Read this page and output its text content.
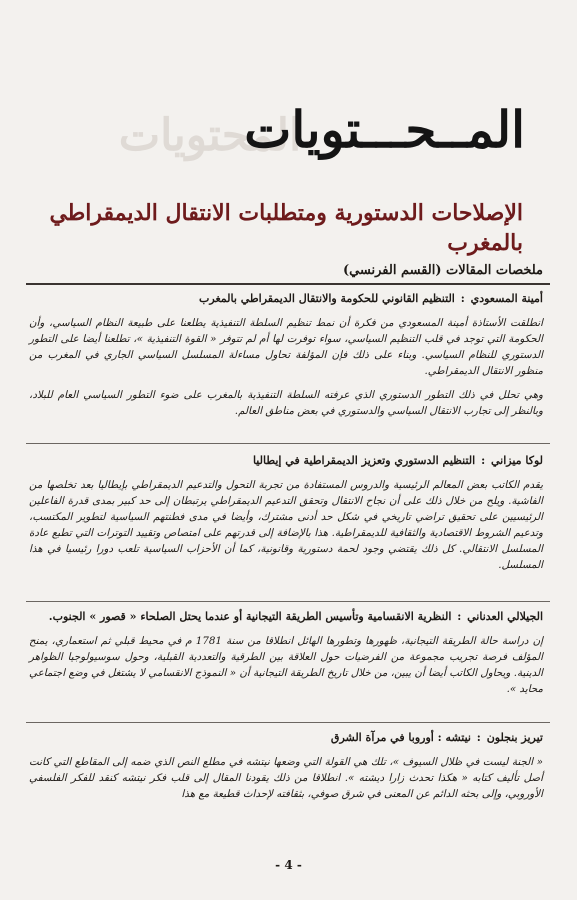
المحتويات
المــحـــتويات
الإصلاحات الدستورية ومتطلبات الانتقال الديمقراطي بالمغرب
ملخصات المقالات (القسم الفرنسي)
أمينة المسعودي : التنظيم القانوني للحكومة والانتقال الديمقراطي بالمغرب

انطلقت الأستاذة أمينة المسعودي من فكرة أن نمط تنظيم السلطة التنفيذية يطلعنا على طبيعة النظام السياسي، وأن الحكومة التي توجد في قلب التنظيم السياسي، سواء توفرت لها أم لم تتوفر « القوة التنفيذية »، تطلعنا أيضا على التطور الدستوري للنظام السياسي. وبناء على ذلك فإن المؤلفة تحاول مساءلة المسلسل السياسي الجاري في المغرب من منظور الانتقال الديمقراطي.

وهي تحلل في ذلك التطور الدستوري الذي عرفته السلطة التنفيذية بالمغرب على ضوء التطور السياسي العام للبلاد، وبالنظر إلى تجارب الانتقال السياسي والدستوري في بعض مناطق العالم.

لوكا ميزاني : التنظيم الدستوري وتعزيز الديمقراطية في إيطاليا

يقدم الكاتب بعض المعالم الرئيسية والدروس المستفادة من تجربة التحول والتدعيم الديمقراطي بإيطاليا بعد تخلصها من الفاشية. ويلح من خلال ذلك على أن نجاح الانتقال وتحقق التدعيم الديمقراطي يرتبطان إلى حد كبير بمدى قدرة الفاعلين الرئيسيين على تحقيق تراضي تاريخي في شكل حد أدنى مشترك، وأيضا في مدى فطنتهم السياسية لتطوير المكتسب، وتدعيم الشروط الاقتصادية والثقافية للديمقراطية. هذا بالإضافة إلى قدرتهم على امتصاص وتقييد التوترات التي تطبع عادة المسلسل الانتقالي. كل ذلك يقتضي وجود لحمة دستورية وقانونية، كما أن الأحزاب السياسية تلعب دورا رئيسيا في هذا المسلسل.

الجيلالي العدناني : النظرية الانقسامية وتأسيس الطريقة التيجانية أو عندما يحتل الصلحاء « قصور » الجنوب.

إن دراسة حالة الطريقة التيجانية، ظهورها وتطورها الهائل انطلاقا من سنة 1781 م في محيط قبلي ثم استعماري، يمنح المؤلف فرصة تجريب مجموعة من الفرضيات حول العلاقة بين الطرقية والتعددية القبلية، وحول سوسيولوجيا الظواهر الدينية. ويحاول الكاتب أيضا أن يبين، من خلال تاريخ الطريقة التيجانية أن « النموذج الانقسامي لا يشتغل في وضع اجتماعي محايد ».

تيريز بنجلون : نيتشه : أوروبا في مرآة الشرق

« الجنة ليست في ظلال السيوف »، تلك هي القولة التي وضعها نيتشه في مطلع النص الذي ضمه إلى المقاطع التي كانت أصل تأليف كتابه « هكذا تحدث زارا ديشته ». انطلاقا من ذلك يقودنا المقال إلى قلب فكر نيتشه كنقد للفكر الفلسفي الأوروبي، وإلى بحثه الدائم عن المعنى في شرق صوفي، بثقافته لإحداث قطيعة مع هذا

- 4 -
